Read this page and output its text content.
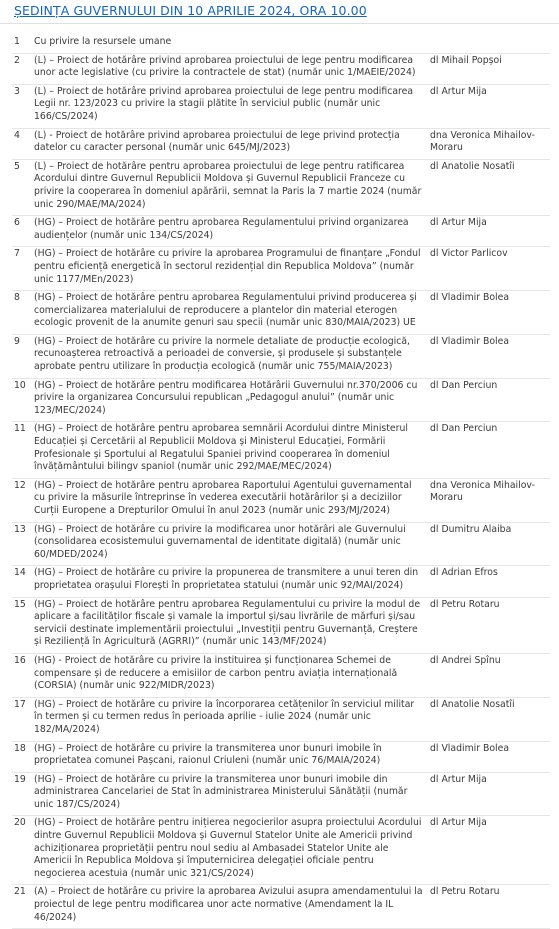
ȘEDINȚA GUVERNULUI DIN 10 APRILIE 2024, ORA 10.00
1	Cu privire la resursele umane	
2	(L) – Proiect de hotărâre privind aprobarea proiectului de lege pentru modificarea unor acte legislative (cu privire la contractele de stat) (număr unic 1/MAEIE/2024)	dl Mihail Popșoi
3	(L) – Proiect de hotărâre privind aprobarea proiectului de lege pentru modificarea Legii nr. 123/2023 cu privire la stagii plătite în serviciul public (număr unic 166/CS/2024)	dl Artur Mija
4	(L) - Proiect de hotărâre privind aprobarea proiectului de lege privind protecția datelor cu caracter personal (număr unic 645/MJ/2023)	dna Veronica Mihailov-Moraru
5	(L) – Proiect de hotărâre pentru aprobarea proiectului de lege pentru ratificarea Acordului dintre Guvernul Republicii Moldova și Guvernul Republicii Franceze cu privire la cooperarea în domeniul apărării, semnat la Paris la 7 martie 2024 (număr unic 290/MAE/MA/2024)	dl Anatolie Nosatîi
6	(HG) – Proiect de hotărâre pentru aprobarea Regulamentului privind organizarea audiențelor (număr unic 134/CS/2024)	dl Artur Mija
7	(HG) – Proiect de hotărâre cu privire la aprobarea Programului de finanțare „Fondul pentru eficiență energetică în sectorul rezidențial din Republica Moldova” (număr unic 1177/MEn/2023)	dl Victor Parlicov
8	(HG) – Proiect de hotărâre pentru aprobarea Regulamentului privind producerea și comercializarea materialului de reproducere a plantelor din material eterogen ecologic provenit de la anumite genuri sau specii (număr unic 830/MAIA/2023) UE	dl Vladimir Bolea
9	(HG) – Proiect de hotărâre cu privire la normele detaliate de producție ecologică, recunoașterea retroactivă a perioadei de conversie, și produsele și substanțele aprobate pentru utilizare în producția ecologică (număr unic 755/MAIA/2023)	dl Vladimir Bolea
10	(HG) – Proiect de hotărâre pentru modificarea Hotărârii Guvernului nr.370/2006 cu privire la organizarea Concursului republican „Pedagogul anului” (număr unic 123/MEC/2024)	dl Dan Perciun
11	(HG) – Proiect de hotărâre pentru aprobarea semnării Acordului dintre Ministerul Educației și Cercetării al Republicii Moldova și Ministerul Educației, Formării Profesionale și Sportului al Regatului Spaniei privind cooperarea în domeniul învățământului bilingv spaniol (număr unic 292/MAE/MEC/2024)	dl Dan Perciun
12	(HG) – Proiect de hotărâre pentru aprobarea Raportului Agentului guvernamental cu privire la măsurile întreprinse în vederea executării hotărârilor și a deciziilor Curții Europene a Drepturilor Omului în anul 2023 (număr unic 293/MJ/2024)	dna Veronica Mihailov-Moraru
13	(HG) – Proiect de hotărâre cu privire la modificarea unor hotărâri ale Guvernului (consolidarea ecosistemului guvernamental de identitate digitală) (număr unic 60/MDED/2024)	dl Dumitru Alaiba
14	(HG) – Proiect de hotărâre cu privire la propunerea de transmitere a unui teren din proprietatea orașului Florești în proprietatea statului (număr unic 92/MAI/2024)	dl Adrian Efros
15	(HG) – Proiect de hotărâre pentru aprobarea Regulamentului cu privire la modul de aplicare a facilităților fiscale și vamale la importul și/sau livrările de mărfuri și/sau servicii destinate implementării proiectului „Investiții pentru Guvernanță, Creștere și Reziliență în Agricultură (AGRRI)” (număr unic 143/MF/2024)	dl Petru Rotaru
16	(HG) - Proiect de hotărâre cu privire la instituirea și funcționarea Schemei de compensare și de reducere a emisiilor de carbon pentru aviația internațională (CORSIA) (număr unic 922/MIDR/2023)	dl Andrei Spînu
17	(HG) – Proiect de hotărâre cu privire la încorporarea cetățenilor în serviciul militar în termen și cu termen redus în perioada aprilie - iulie 2024 (număr unic 182/MA/2024)	dl Anatolie Nosatîi
18	(HG) – Proiect de hotărâre cu privire la transmiterea unor bunuri imobile în proprietatea comunei Pașcani, raionul Criuleni (număr unic 76/MAIA/2024)	dl Vladimir Bolea
19	(HG) – Proiect de hotărâre cu privire la transmiterea unor bunuri imobile din administrarea Cancelariei de Stat în administrarea Ministerului Sănătății (număr unic 187/CS/2024)	dl Artur Mija
20	(HG) – Proiect de hotărâre pentru inițierea negocierilor asupra proiectului Acordului dintre Guvernul Republicii Moldova și Guvernul Statelor Unite ale Americii privind achiziționarea proprietății pentru noul sediu al Ambasadei Statelor Unite ale Americii în Republica Moldova și împuternicirea delegației oficiale pentru negocierea acestuia (număr unic 321/CS/2024)	dl Artur Mija
21	(A) – Proiect de hotărâre cu privire la aprobarea Avizului asupra amendamentului la proiectul de lege pentru modificarea unor acte normative (Amendament la IL 46/2024)	dl Petru Rotaru
